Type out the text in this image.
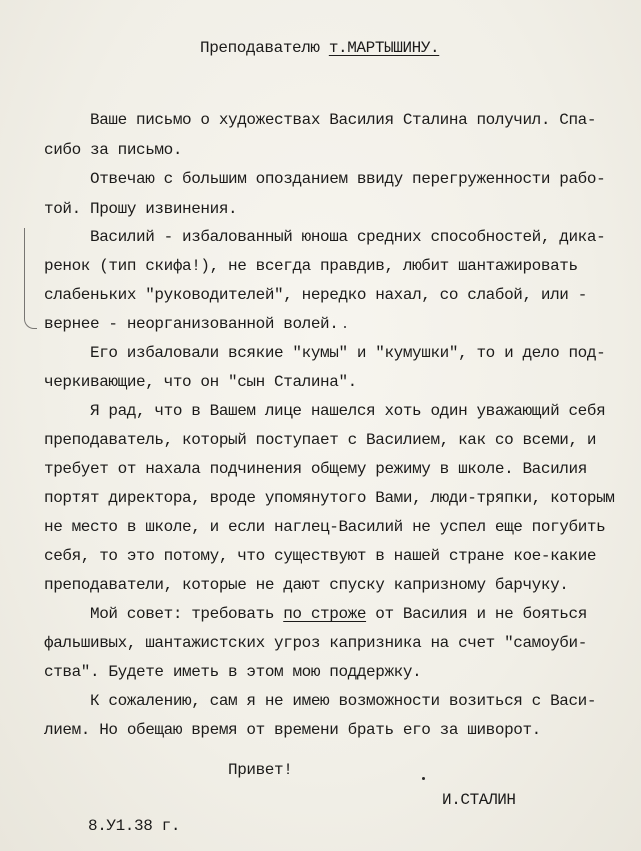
Преподавателю т.МАРТЫШИНУ.
Ваше письмо о художествах Василия Сталина получил. Спа-
сибо за письмо.
Отвечаю с большим опозданием ввиду перегруженности рабо-
той. Прошу извинения.
Василий - избалованный юноша средних способностей, дика-
ренок (тип скифа!), не всегда правдив, любит шантажировать
слабеньких "руководителей", нередко нахал, со слабой, или -
вернее - неорганизованной волей.
Его избаловали всякие "кумы" и "кумушки", то и дело под-
черкивающие, что он "сын Сталина".
Я рад, что в Вашем лице нашелся хоть один уважающий себя
преподаватель, который поступает с Василием, как со всеми, и
требует от нахала подчинения общему режиму в школе. Василия
портят директора, вроде упомянутого Вами, люди-тряпки, которым
не место в школе, и если наглец-Василий не успел еще погубить
себя, то это потому, что существуют в нашей стране кое-какие
преподаватели, которые не дают спуску капризному барчуку.
Мой совет: требовать по строже от Василия и не бояться
фальшивых, шантажистских угроз капризника на счет "самоуби-
ства". Будете иметь в этом мою поддержку.
К сожалению, сам я не имею возможности возиться с Васи-
лием. Но обещаю время от времени брать его за шиворот.
Привет!
И.СТАЛИН
8.У1.38 г.
